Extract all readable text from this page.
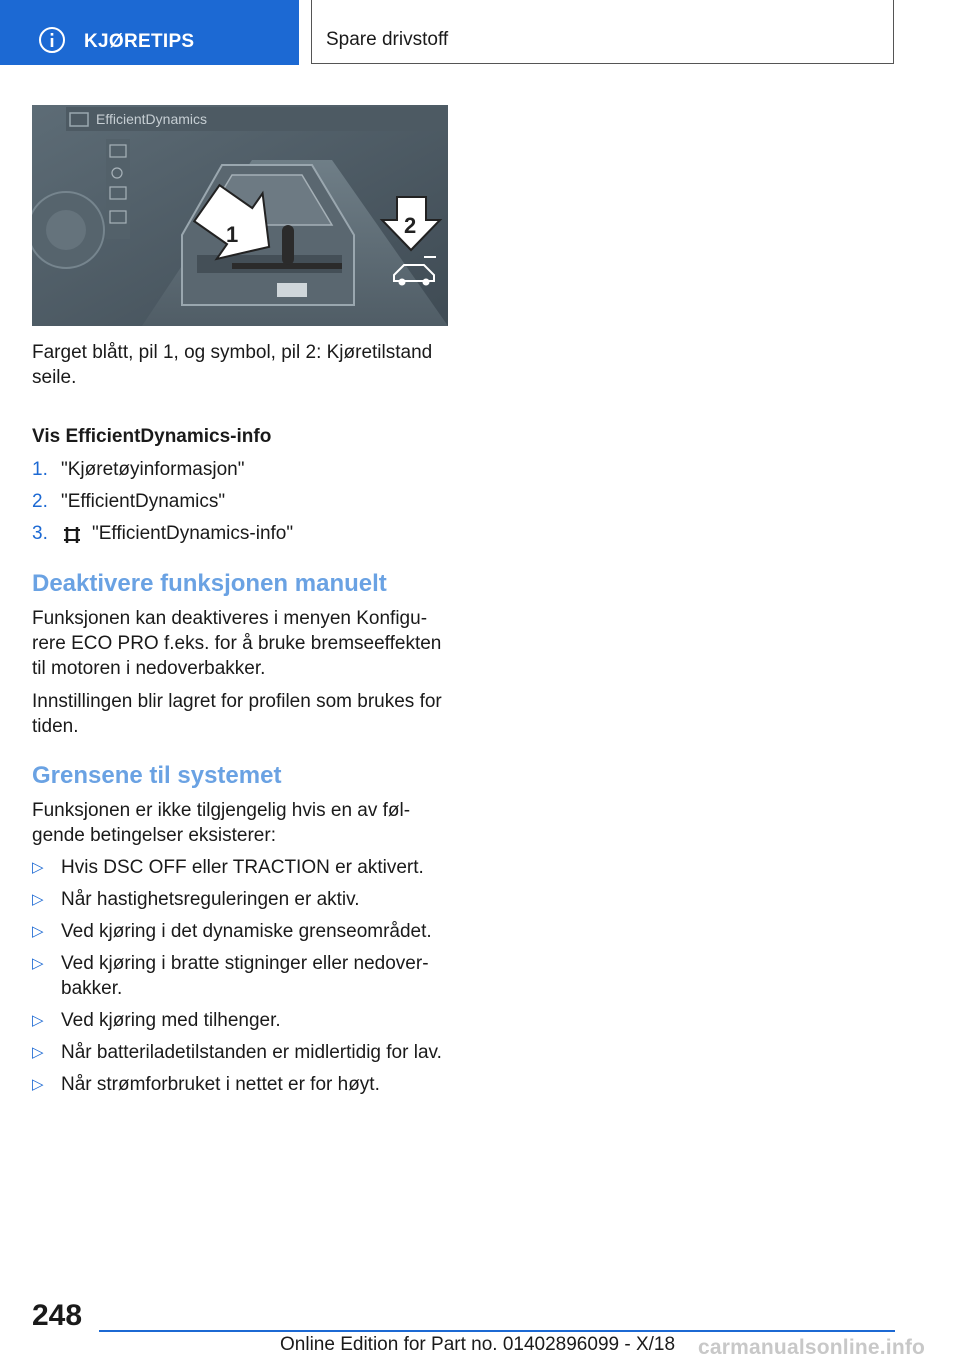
KJØRETIPS	Spare drivstoff
EfficientDynamics
1	2
Farget blått, pil 1, og symbol, pil 2: Kjøretilstand seile.
Vis EfficientDynamics-info
1. "Kjøretøyinformasjon"
2. "EfficientDynamics"
3. "EfficientDynamics-info"
Deaktivere funksjonen manuelt
Funksjonen kan deaktiveres i menyen Konfigurere ECO PRO f.eks. for å bruke bremseeffekten til motoren i nedoverbakker.
Innstillingen blir lagret for profilen som brukes for tiden.
Grensene til systemet
Funksjonen er ikke tilgjengelig hvis en av følgende betingelser eksisterer:
▷ Hvis DSC OFF eller TRACTION er aktivert.
▷ Når hastighetsreguleringen er aktiv.
▷ Ved kjøring i det dynamiske grenseområdet.
▷ Ved kjøring i bratte stigninger eller nedoverbakker.
▷ Ved kjøring med tilhenger.
▷ Når batteriladetilstanden er midlertidig for lav.
▷ Når strømforbruket i nettet er for høyt.
248
Online Edition for Part no. 01402896099 - X/18 carmanualsonline.info
